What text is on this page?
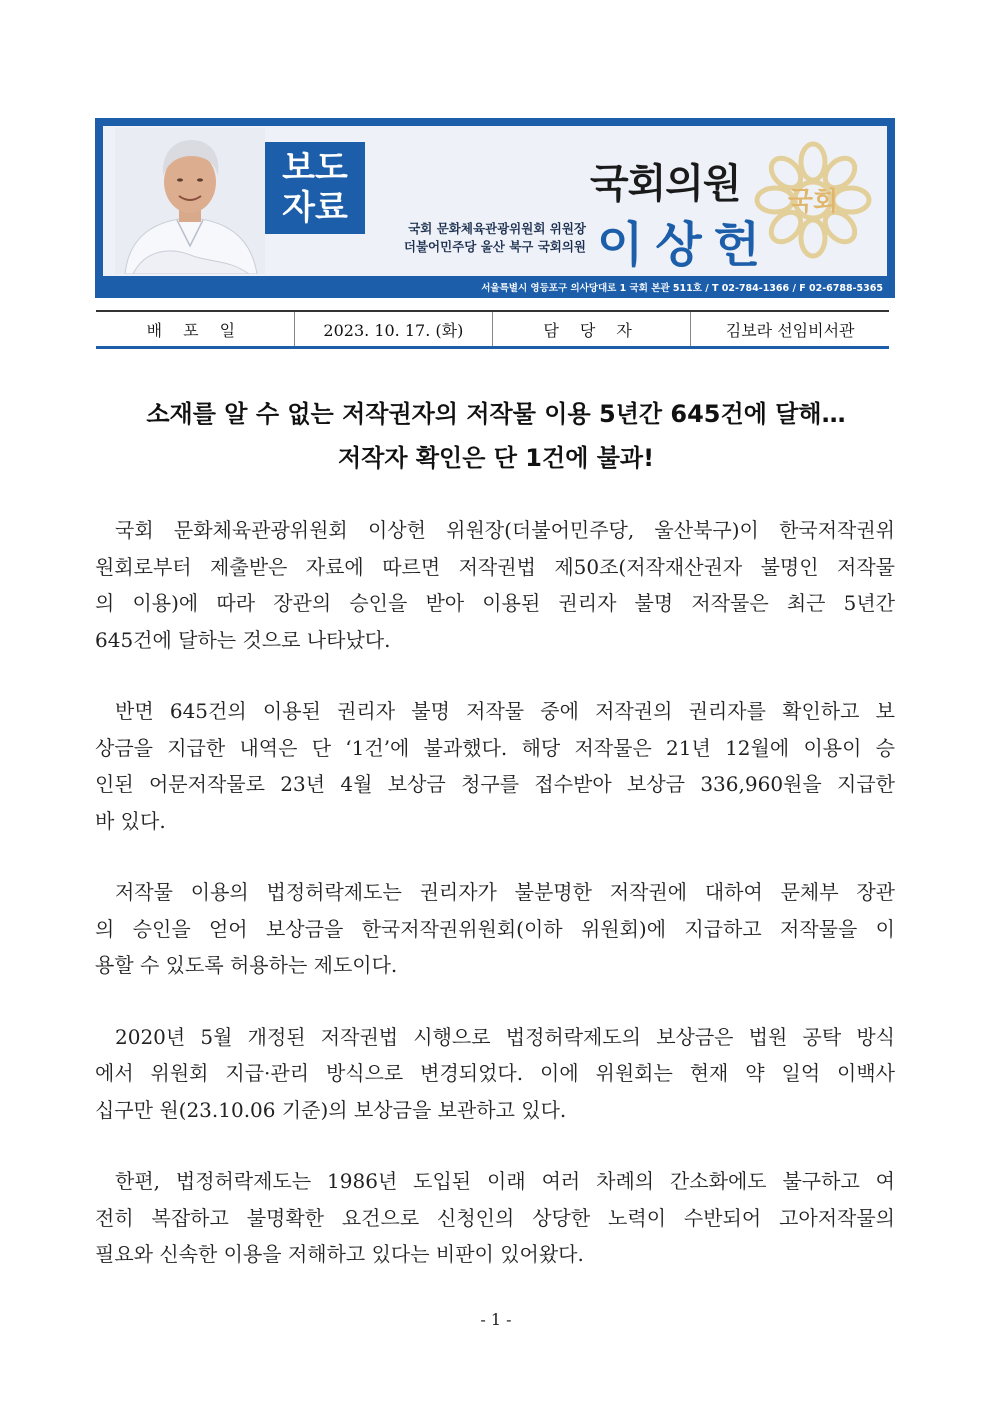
보도
자료
국회 문화체육관광위원회 위원장
더불어민주당 울산 북구 국회의원
국회
국회의원
이상헌
서울특별시 영등포구 의사당대로 1 국회 본관 511호 / T 02-784-1366 / F 02-6788-5365
배 포 일	2023. 10. 17. (화)	담 당 자	김보라 선임비서관
소재를 알 수 없는 저작권자의 저작물 이용 5년간 645건에 달해…
저작자 확인은 단 1건에 불과!

국회 문화체육관광위원회 이상헌 위원장(더불어민주당, 울산북구)이 한국저작권위
원회로부터 제출받은 자료에 따르면 저작권법 제50조(저작재산권자 불명인 저작물
의 이용)에 따라 장관의 승인을 받아 이용된 권리자 불명 저작물은 최근 5년간
645건에 달하는 것으로 나타났다.

반면 645건의 이용된 권리자 불명 저작물 중에 저작권의 권리자를 확인하고 보
상금을 지급한 내역은 단 ‘1건’에 불과했다. 해당 저작물은 21년 12월에 이용이 승
인된 어문저작물로 23년 4월 보상금 청구를 접수받아 보상금 336,960원을 지급한
바 있다.

저작물 이용의 법정허락제도는 권리자가 불분명한 저작권에 대하여 문체부 장관
의 승인을 얻어 보상금을 한국저작권위원회(이하 위원회)에 지급하고 저작물을 이
용할 수 있도록 허용하는 제도이다.

2020년 5월 개정된 저작권법 시행으로 법정허락제도의 보상금은 법원 공탁 방식
에서 위원회 지급·관리 방식으로 변경되었다. 이에 위원회는 현재 약 일억 이백사
십구만 원(23.10.06 기준)의 보상금을 보관하고 있다.

한편, 법정허락제도는 1986년 도입된 이래 여러 차례의 간소화에도 불구하고 여
전히 복잡하고 불명확한 요건으로 신청인의 상당한 노력이 수반되어 고아저작물의
필요와 신속한 이용을 저해하고 있다는 비판이 있어왔다.

- 1 -
